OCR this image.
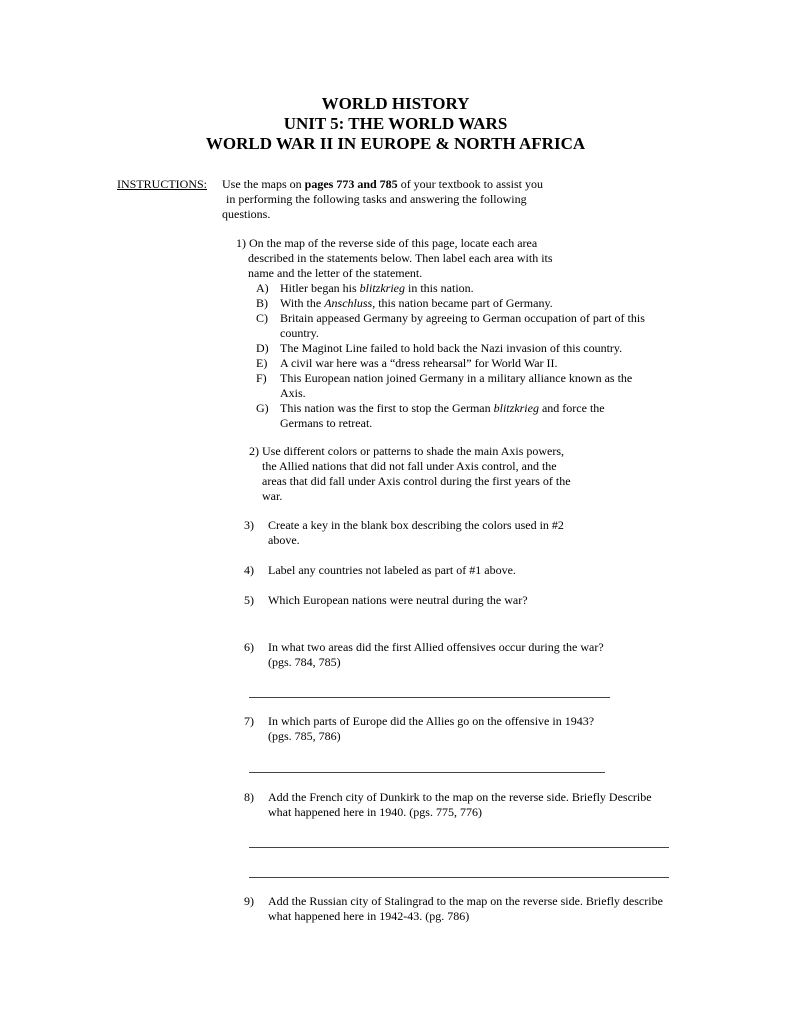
WORLD HISTORY
UNIT 5: THE WORLD WARS
WORLD WAR II IN EUROPE & NORTH AFRICA
INSTRUCTIONS: Use the maps on pages 773 and 785 of your textbook to assist you
in performing the following tasks and answering the following
questions.
1) On the map of the reverse side of this page, locate each area
described in the statements below. Then label each area with its
name and the letter of the statement.
A) Hitler began his blitzkrieg in this nation.
B)	With the Anschluss, this nation became part of Germany.
C)	Britain appeased Germany by agreeing to German occupation of part of this country.
D) The Maginot Line failed to hold back the Nazi invasion of this country.
E)	A civil war here was a “dress rehearsal” for World War II.
F)	This European nation joined Germany in a military alliance known as the Axis.
G) This nation was the first to stop the German blitzkrieg and force the Germans to retreat.
2) Use different colors or patterns to shade the main Axis powers,
the Allied nations that did not fall under Axis control, and the
areas that did fall under Axis control during the first years of the
war.
3)	Create a key in the blank box describing the colors used in #2 above.
4)	Label any countries not labeled as part of #1 above.
5)	Which European nations were neutral during the war?
6)	In what two areas did the first Allied offensives occur during the war? (pgs. 784, 785)
7)	In which parts of Europe did the Allies go on the offensive in 1943? (pgs. 785, 786)
8)	Add the French city of Dunkirk to the map on the reverse side. Briefly Describe what happened here in 1940. (pgs. 775, 776)
9)	Add the Russian city of Stalingrad to the map on the reverse side. Briefly describe what happened here in 1942-43. (pg. 786)
